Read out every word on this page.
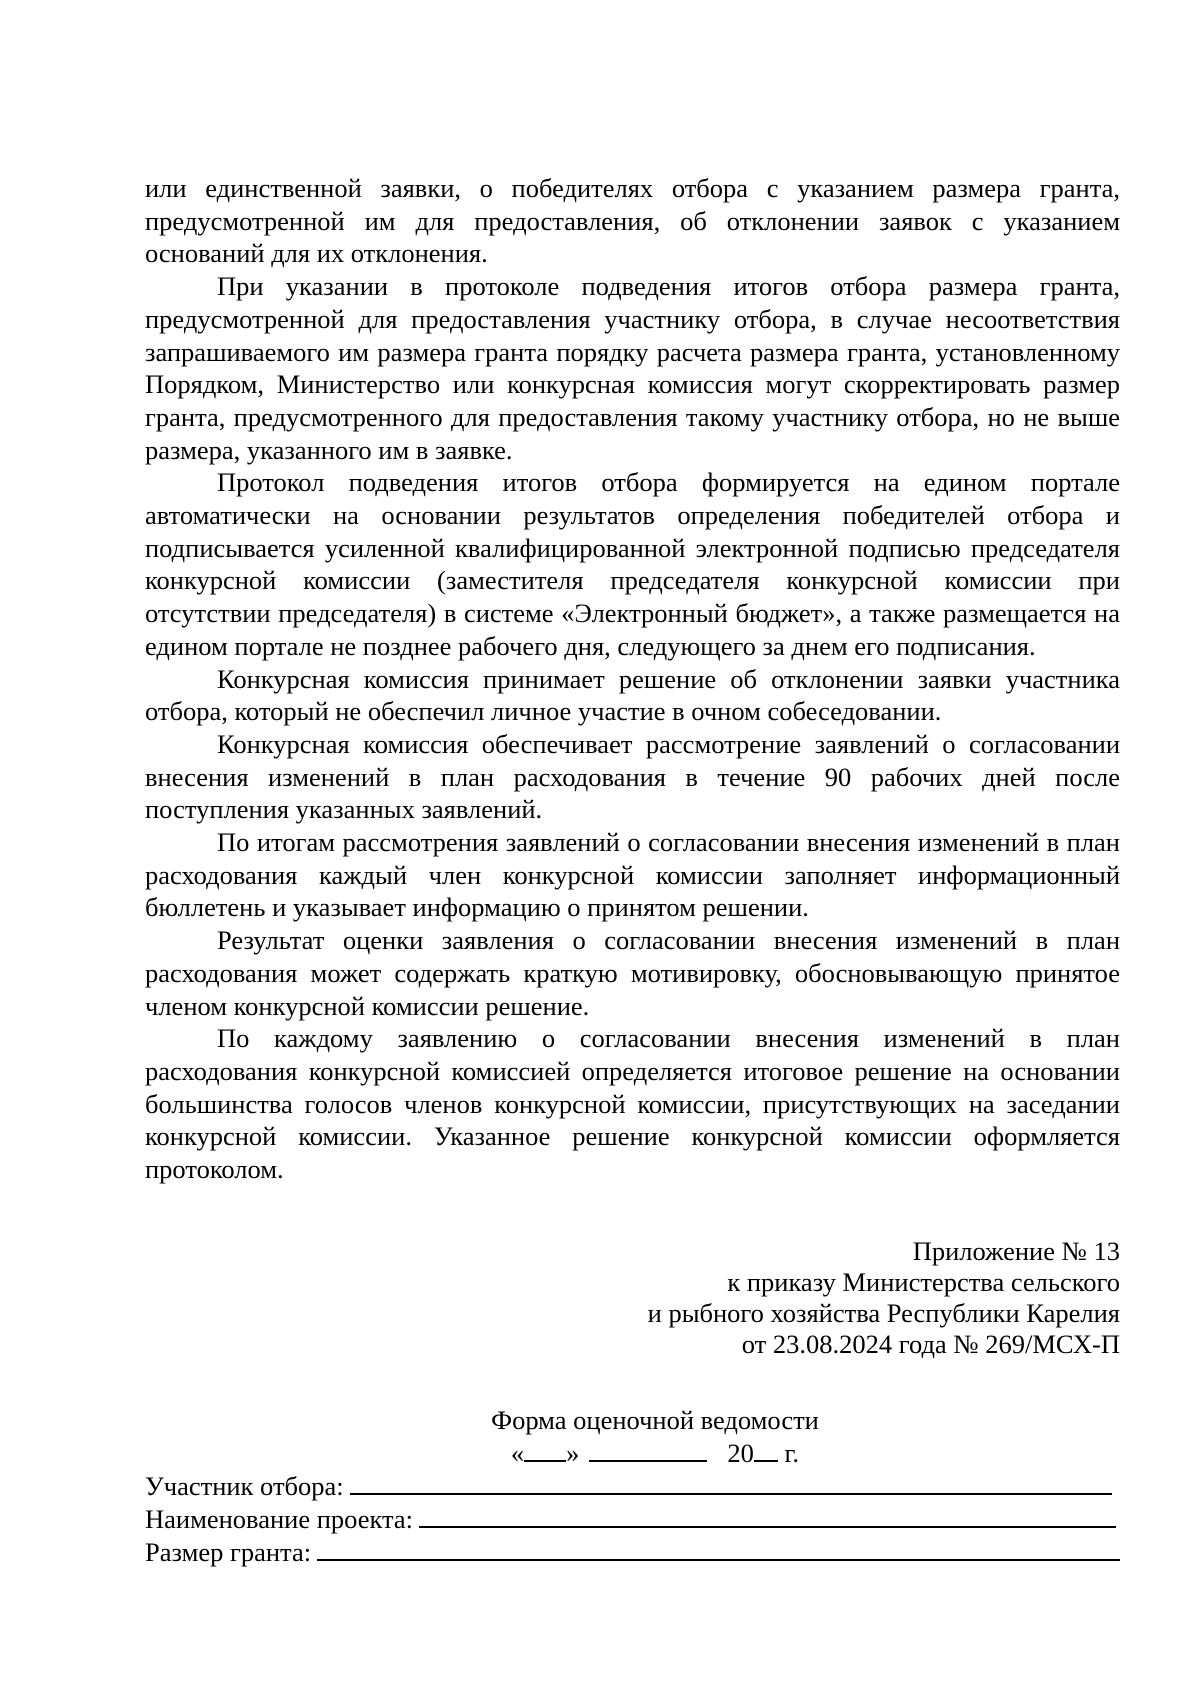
или единственной заявки, о победителях отбора с указанием размера гранта, предусмотренной им для предоставления, об отклонении заявок с указанием оснований для их отклонения.

При указании в протоколе подведения итогов отбора размера гранта, предусмотренной для предоставления участнику отбора, в случае несоответствия запрашиваемого им размера гранта порядку расчета размера гранта, установленному Порядком, Министерство или конкурсная комиссия могут скорректировать размер гранта, предусмотренного для предоставления такому участнику отбора, но не выше размера, указанного им в заявке.

Протокол подведения итогов отбора формируется на едином портале автоматически на основании результатов определения победителей отбора и подписывается усиленной квалифицированной электронной подписью председателя конкурсной комиссии (заместителя председателя конкурсной комиссии при отсутствии председателя) в системе «Электронный бюджет», а также размещается на едином портале не позднее рабочего дня, следующего за днем его подписания.

Конкурсная комиссия принимает решение об отклонении заявки участника отбора, который не обеспечил личное участие в очном собеседовании.

Конкурсная комиссия обеспечивает рассмотрение заявлений о согласовании внесения изменений в план расходования в течение 90 рабочих дней после поступления указанных заявлений.

По итогам рассмотрения заявлений о согласовании внесения изменений в план расходования каждый член конкурсной комиссии заполняет информационный бюллетень и указывает информацию о принятом решении.

Результат оценки заявления о согласовании внесения изменений в план расходования может содержать краткую мотивировку, обосновывающую принятое членом конкурсной комиссии решение.

По каждому заявлению о согласовании внесения изменений в план расходования конкурсной комиссией определяется итоговое решение на основании большинства голосов членов конкурсной комиссии, присутствующих на заседании конкурсной комиссии. Указанное решение конкурсной комиссии оформляется протоколом.

Приложение № 13
к приказу Министерства сельского
и рыбного хозяйства Республики Карелия
от 23.08.2024 года № 269/МСХ-П
Форма оценочной ведомости
« »	20 г.
Участник отбора:
Наименование проекта:
Размер гранта:
